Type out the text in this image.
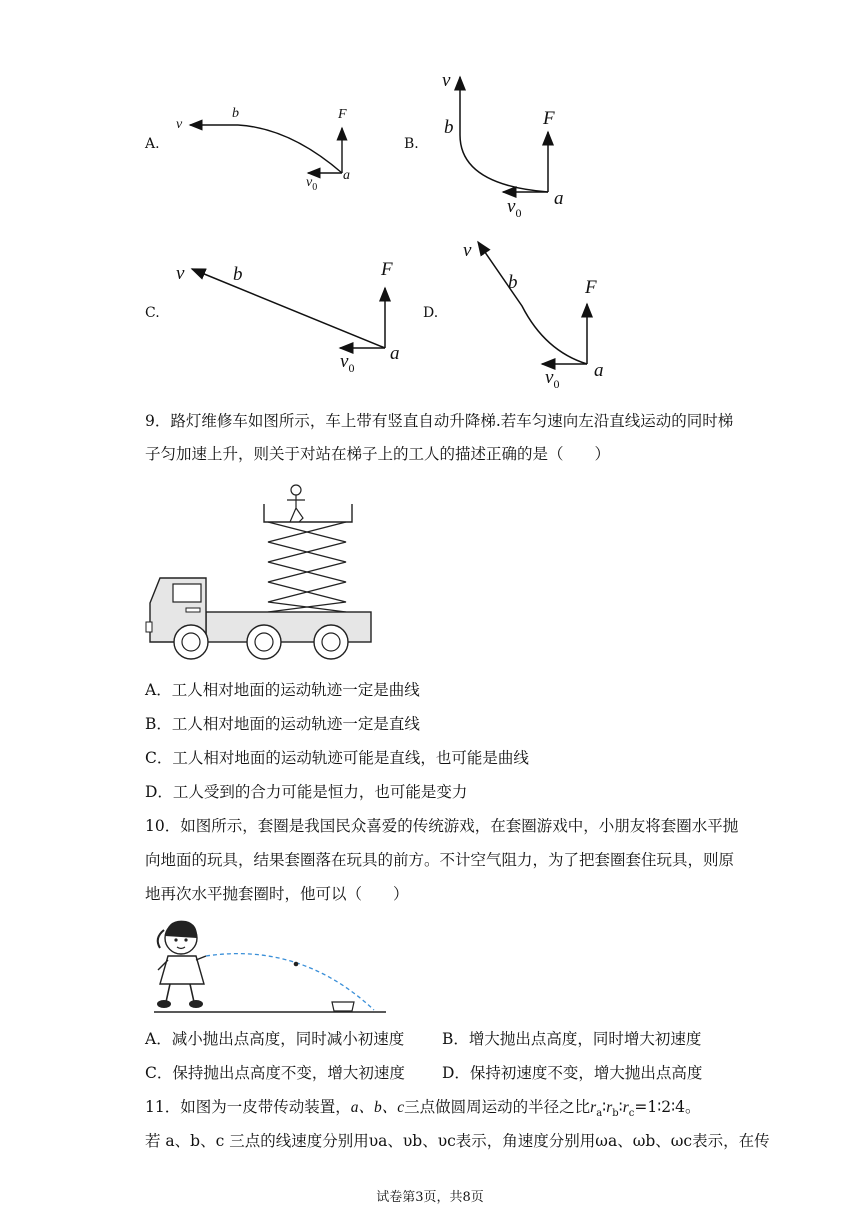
A.
v
b	F
$v_0$
a
B.
v
b	F
$v_0$
a
C.
v	b	F
$v_0$
a
D.
v
b	F
$v_0$
a
9．路灯维修车如图所示，车上带有竖直自动升降梯.若车匀速向左沿直线运动的同时梯
子匀加速上升，则关于对站在梯子上的工人的描述正确的是（　　）
A．工人相对地面的运动轨迹一定是曲线
B．工人相对地面的运动轨迹一定是直线
C．工人相对地面的运动轨迹可能是直线，也可能是曲线
D．工人受到的合力可能是恒力，也可能是变力
10．如图所示，套圈是我国民众喜爱的传统游戏，在套圈游戏中，小朋友将套圈水平抛
向地面的玩具，结果套圈落在玩具的前方。不计空气阻力，为了把套圈套住玩具，则原
地再次水平抛套圈时，他可以（　　）
A．减小抛出点高度，同时减小初速度 B．增大抛出点高度，同时增大初速度
C．保持抛出点高度不变，增大初速度 D．保持初速度不变，增大抛出点高度
11．如图为一皮带传动装置，a、b、c三点做圆周运动的半径之比$r_a∶r_b∶r_c=1∶2∶4$。
若 a、b、c 三点的线速度分别用υa、υb、υc表示，角速度分别用ωa、ωb、ωc表示，在传
试卷第3页，共8页
